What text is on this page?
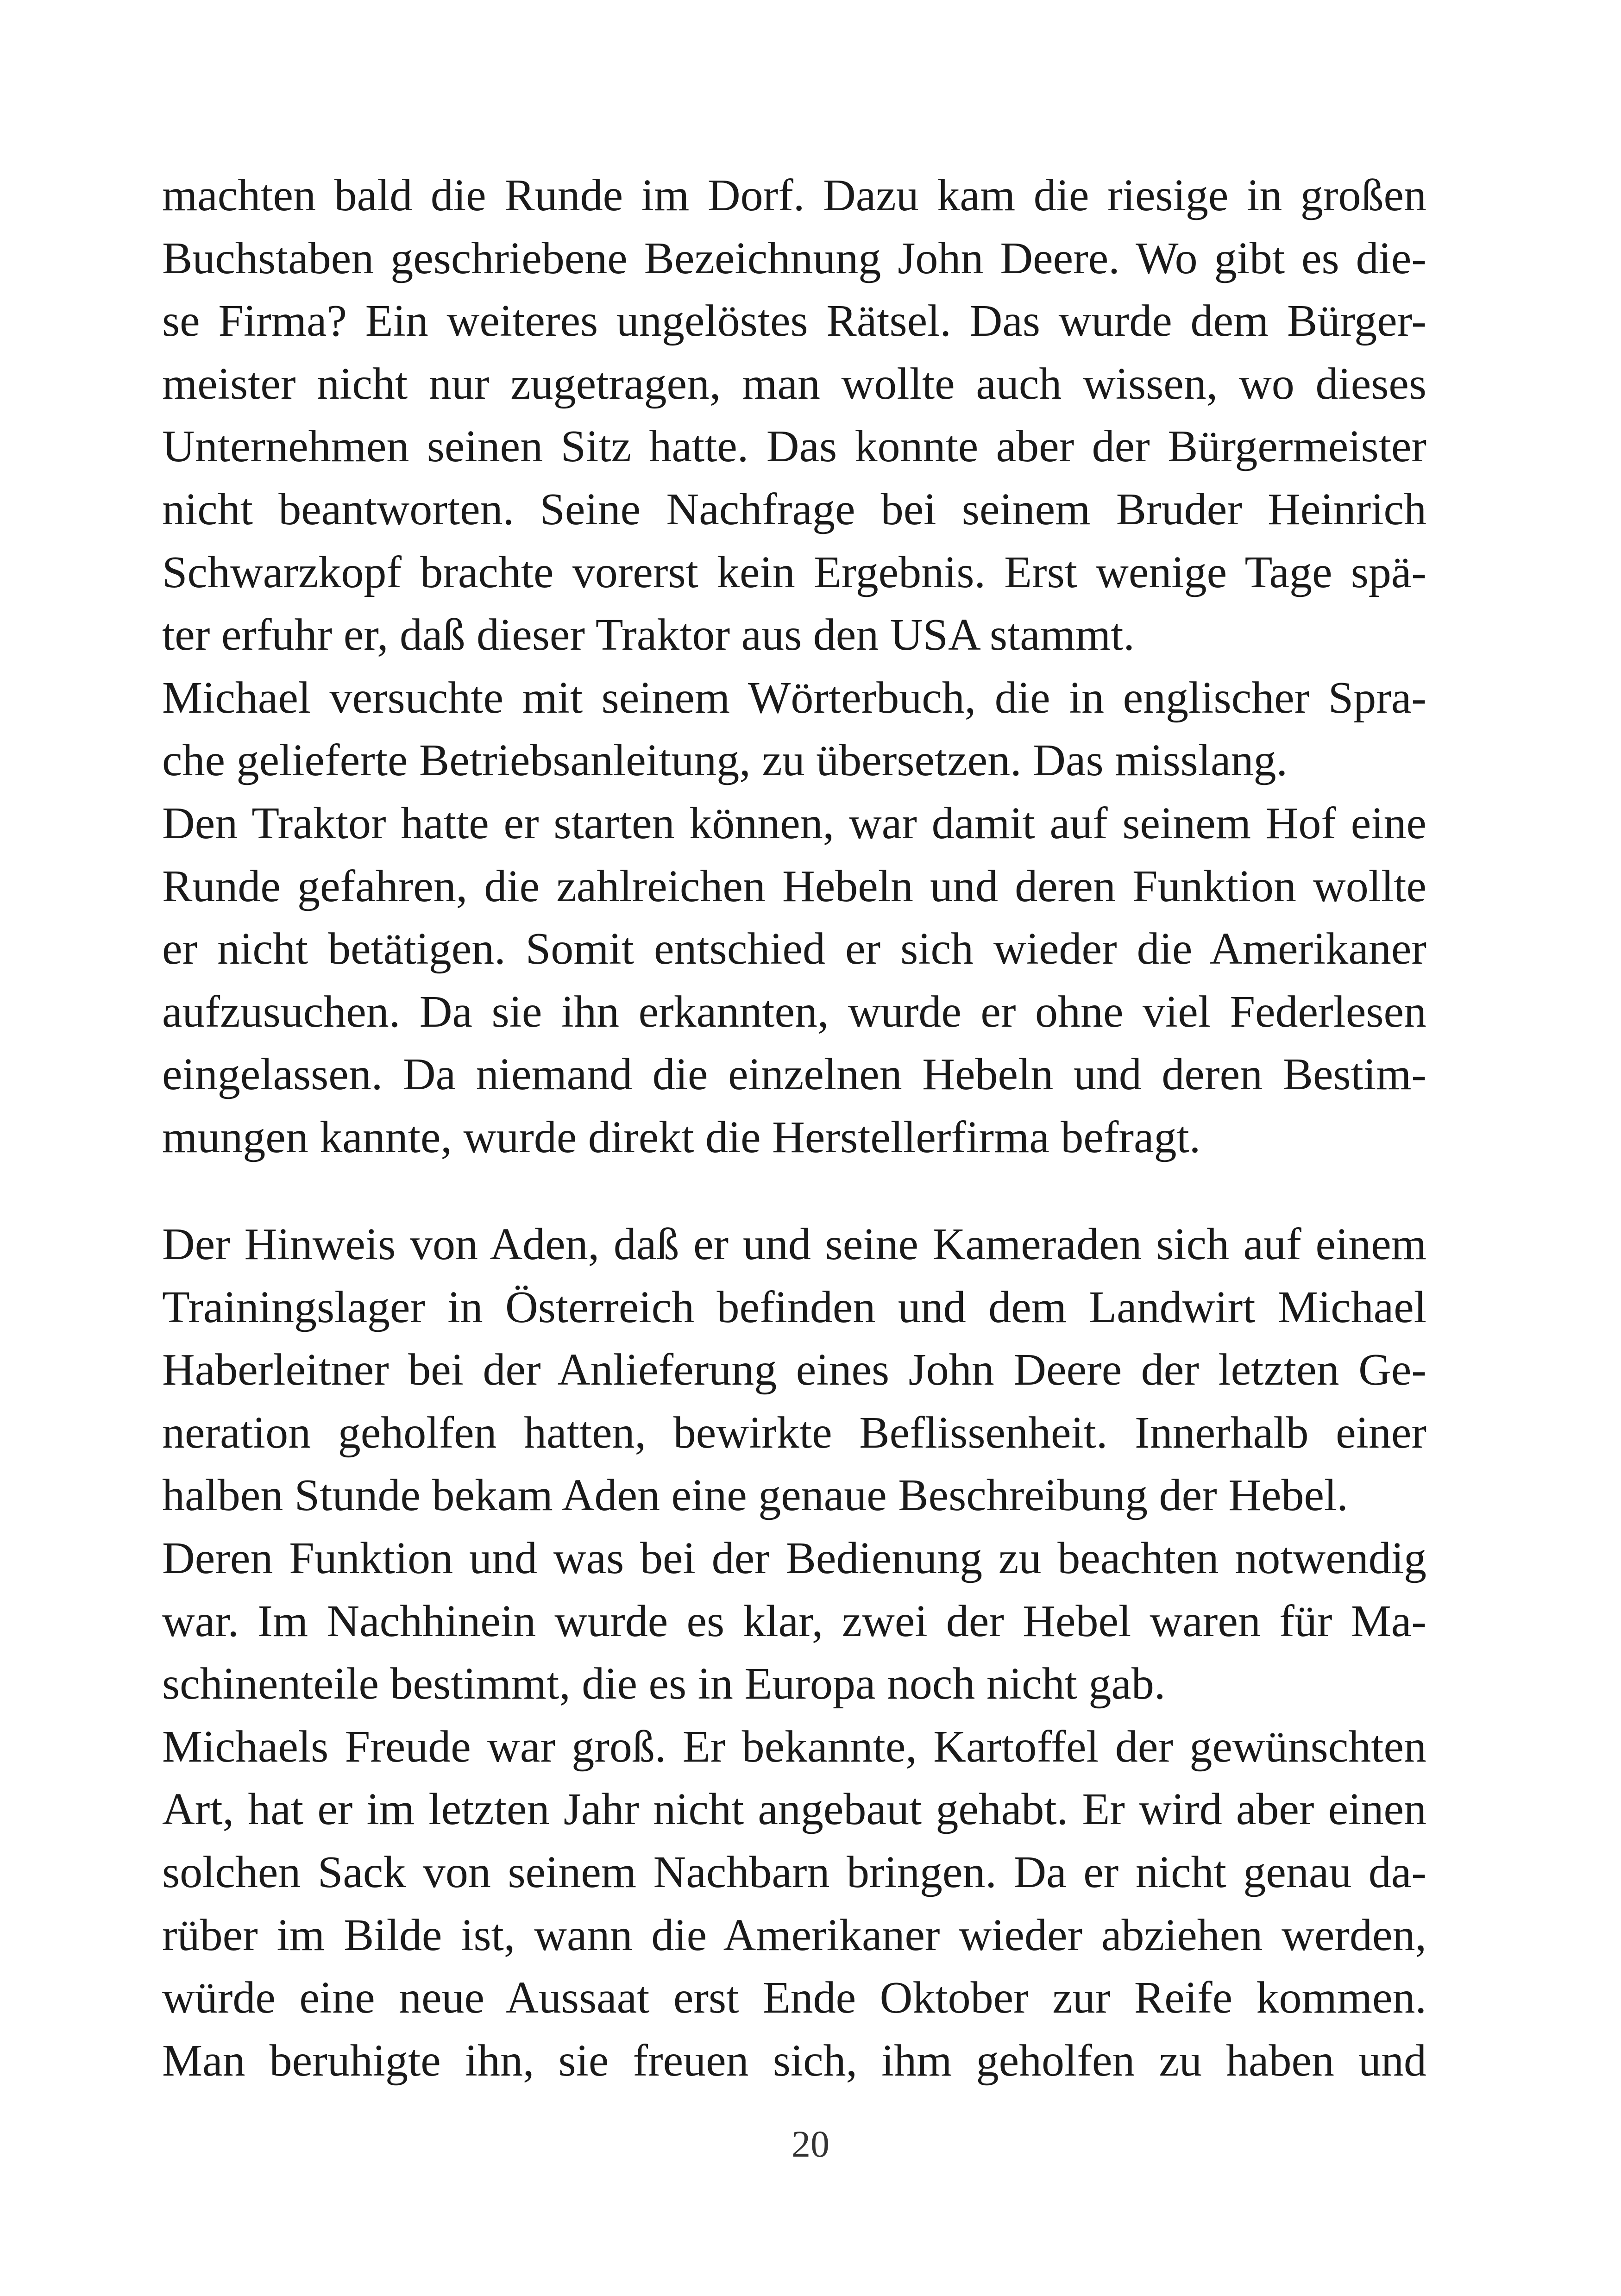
machten bald die Runde im Dorf. Dazu kam die riesige in großen
Buchstaben geschriebene Bezeichnung John Deere. Wo gibt es die-
se Firma? Ein weiteres ungelöstes Rätsel. Das wurde dem Bürger-
meister nicht nur zugetragen, man wollte auch wissen, wo dieses
Unternehmen seinen Sitz hatte. Das konnte aber der Bürgermeister
nicht beantworten. Seine Nachfrage bei seinem Bruder Heinrich
Schwarzkopf brachte vorerst kein Ergebnis. Erst wenige Tage spä-
ter erfuhr er, daß dieser Traktor aus den USA stammt.
Michael versuchte mit seinem Wörterbuch, die in englischer Spra-
che gelieferte Betriebsanleitung, zu übersetzen. Das misslang.
Den Traktor hatte er starten können, war damit auf seinem Hof eine
Runde gefahren, die zahlreichen Hebeln und deren Funktion wollte
er nicht betätigen. Somit entschied er sich wieder die Amerikaner
aufzusuchen. Da sie ihn erkannten, wurde er ohne viel Federlesen
eingelassen. Da niemand die einzelnen Hebeln und deren Bestim-
mungen kannte, wurde direkt die Herstellerfirma befragt.
Der Hinweis von Aden, daß er und seine Kameraden sich auf einem
Trainingslager in Österreich befinden und dem Landwirt Michael
Haberleitner bei der Anlieferung eines John Deere der letzten Ge-
neration geholfen hatten, bewirkte Beflissenheit. Innerhalb einer
halben Stunde bekam Aden eine genaue Beschreibung der Hebel.
Deren Funktion und was bei der Bedienung zu beachten notwendig
war. Im Nachhinein wurde es klar, zwei der Hebel waren für Ma-
schinenteile bestimmt, die es in Europa noch nicht gab.
Michaels Freude war groß. Er bekannte, Kartoffel der gewünschten
Art, hat er im letzten Jahr nicht angebaut gehabt. Er wird aber einen
solchen Sack von seinem Nachbarn bringen. Da er nicht genau da-
rüber im Bilde ist, wann die Amerikaner wieder abziehen werden,
würde eine neue Aussaat erst Ende Oktober zur Reife kommen.
Man beruhigte ihn, sie freuen sich, ihm geholfen zu haben und
20
